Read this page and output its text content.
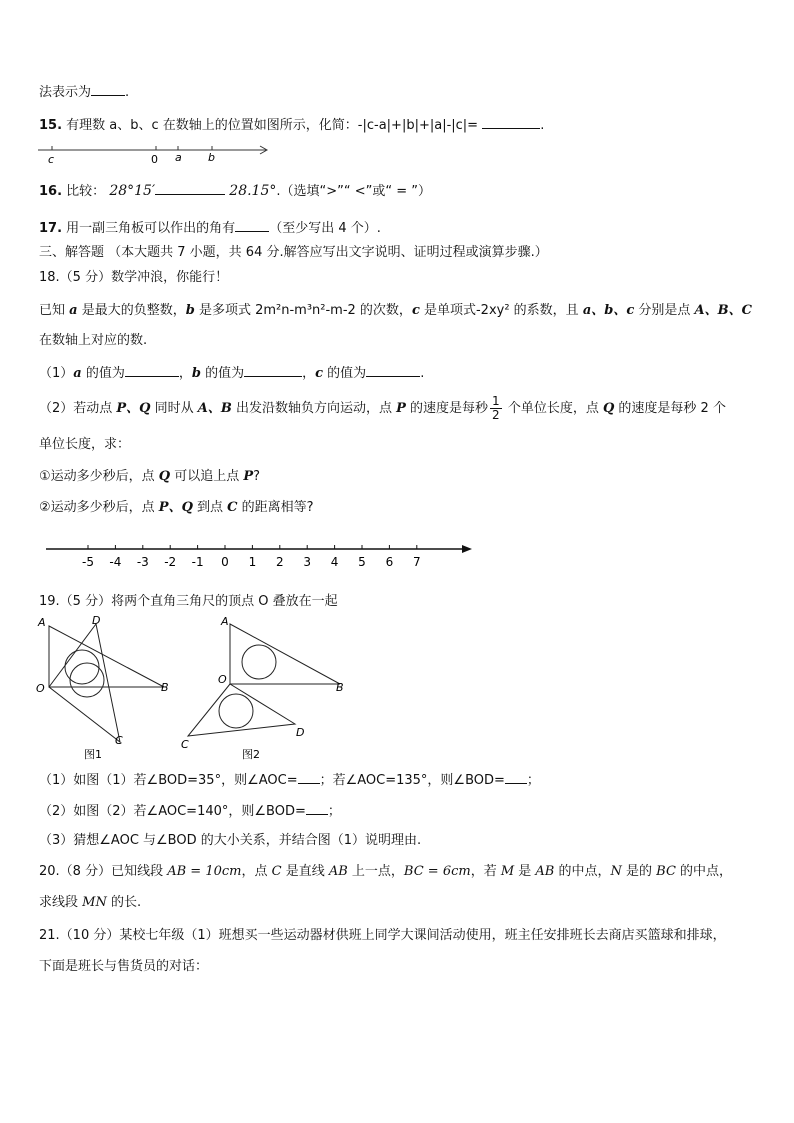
法表示为	.
15. 有理数 a、b、c 在数轴上的位置如图所示，化简：-|c-a|+|b|+|a|-|c|=	.
c	0 a b
16. 比较： 28°15′	28.15°.（选填“>”“ <”或“ = ”）
17. 用一副三角板可以作出的角有	（至少写出 4 个）.
三、解答题 （本大题共 7 小题，共 64 分.解答应写出文字说明、证明过程或演算步骤.）
18.（5 分）数学冲浪，你能行！
已知 a 是最大的负整数，b 是多项式 2m²n-m³n²-m-2 的次数，c 是单项式-2xy² 的系数，且 a、b、c 分别是点 A、B、C
在数轴上对应的数.
（1）a 的值为	，b 的值为	，c 的值为	.
（2）若动点 P、Q 同时从 A、B 出发沿数轴负方向运动，点 P 的速度是每秒 $\frac{1}{2}$ 个单位长度，点 Q 的速度是每秒 2 个
单位长度，求：
①运动多少秒后，点 Q 可以追上点 P?
②运动多少秒后，点 P、Q 到点 C 的距离相等?
-5 -4 -3 -2 -1 0 1 2 3 4 5 6 7
19.（5 分）将两个直角三角尺的顶点 O 叠放在一起
A	D
O	B
C
图1
A
O
B
C
D
图2
（1）如图（1）若∠BOD=35°，则∠AOC= ；若∠AOC=135°，则∠BOD= ；
（2）如图（2）若∠AOC=140°，则∠BOD= ；
（3）猜想∠AOC 与∠BOD 的大小关系，并结合图（1）说明理由.
20.（8 分）已知线段 AB = 10cm，点 C 是直线 AB 上一点，BC = 6cm，若 M 是 AB 的中点，N 是的 BC 的中点，
求线段 MN 的长.
21.（10 分）某校七年级（1）班想买一些运动器材供班上同学大课间活动使用，班主任安排班长去商店买篮球和排球，
下面是班长与售货员的对话：
